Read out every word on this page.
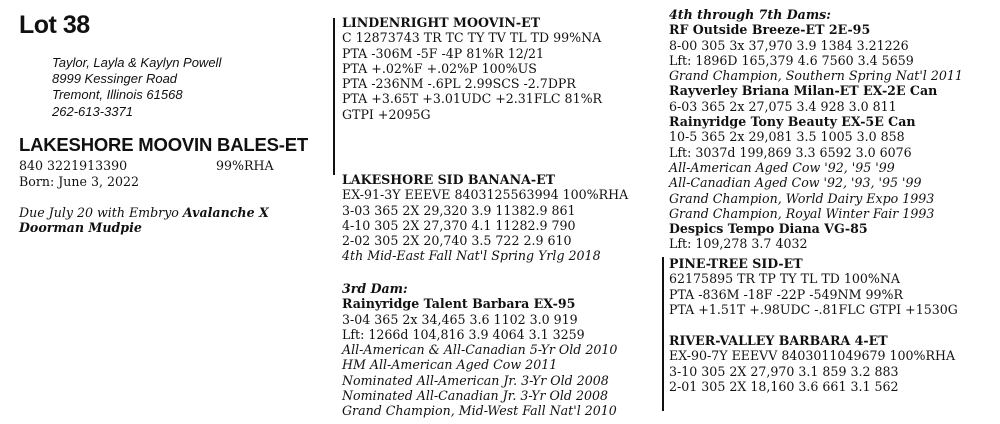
Lot 38
Taylor, Layla & Kaylyn Powell
8999 Kessinger Road
Tremont, Illinois 61568
262-613-3371
LAKESHORE MOOVIN BALES-ET
840 3221913390	99%RHA
Born: June 3, 2022
Due July 20 with Embryo Avalanche X Doorman Mudpie
LINDENRIGHT MOOVIN-ET
C 12873743 TR TC TY TV TL TD 99%NA
PTA -306M -5F -4P 81%R 12/21
PTA +.02%F +.02%P 100%US
PTA -236NM -.6PL 2.99SCS -2.7DPR
PTA +3.65T +3.01UDC +2.31FLC 81%R
GTPI +2095G
LAKESHORE SID BANANA-ET
EX-91-3Y EEEVE 8403125563994 100%RHA
3-03 365 2X 29,320 3.9 11382.9 861
4-10 305 2X 27,370 4.1 11282.9 790
2-02 305 2X 20,740 3.5 722 2.9 610
4th Mid-East Fall Nat'l Spring Yrlg 2018
3rd Dam:
Rainyridge Talent Barbara EX-95
3-04 365 2x 34,465 3.6 1102 3.0 919
Lft: 1266d 104,816 3.9 4064 3.1 3259
All-American & All-Canadian 5-Yr Old 2010
HM All-American Aged Cow 2011
Nominated All-American Jr. 3-Yr Old 2008
Nominated All-Canadian Jr. 3-Yr Old 2008
Grand Champion, Mid-West Fall Nat'l 2010
4th through 7th Dams:
RF Outside Breeze-ET 2E-95
8-00 305 3x 37,970 3.9 1384 3.21226
Lft: 1896D 165,379 4.6 7560 3.4 5659
Grand Champion, Southern Spring Nat'l 2011
Rayverley Briana Milan-ET EX-2E Can
6-03 365 2x 27,075 3.4 928 3.0 811
Rainyridge Tony Beauty EX-5E Can
10-5 365 2x 29,081 3.5 1005 3.0 858
Lft: 3037d 199,869 3.3 6592 3.0 6076
All-American Aged Cow '92, '95 '99
All-Canadian Aged Cow '92, '93, '95 '99
Grand Champion, World Dairy Expo 1993
Grand Champion, Royal Winter Fair 1993
Despics Tempo Diana VG-85
Lft: 109,278 3.7 4032
PINE-TREE SID-ET
62175895 TR TP TY TL TD 100%NA
PTA -836M -18F -22P -549NM 99%R
PTA +1.51T +.98UDC -.81FLC GTPI +1530G
RIVER-VALLEY BARBARA 4-ET
EX-90-7Y EEEVV 8403011049679 100%RHA
3-10 305 2X 27,970 3.1 859 3.2 883
2-01 305 2X 18,160 3.6 661 3.1 562
